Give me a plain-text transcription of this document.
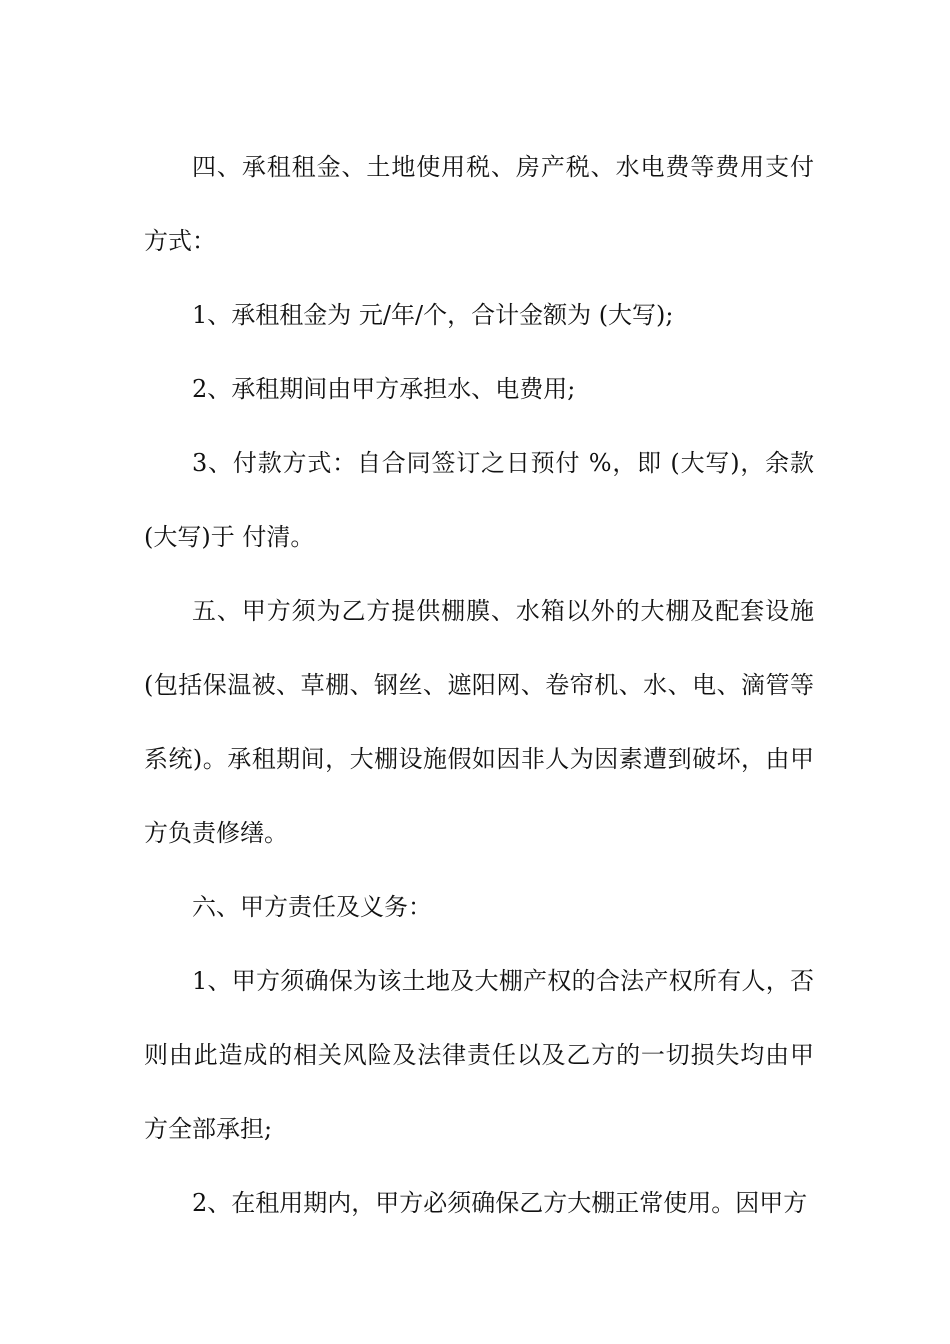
四、承租租金、土地使用税、房产税、水电费等费用支付方式：

1、承租租金为 元/年/个，合计金额为 (大写);

2、承租期间由甲方承担水、电费用;

3、付款方式：自合同签订之日预付 %，即 (大写)，余款(大写)于 付清。

五、甲方须为乙方提供棚膜、水箱以外的大棚及配套设施(包括保温被、草棚、钢丝、遮阳网、卷帘机、水、电、滴管等系统)。承租期间，大棚设施假如因非人为因素遭到破坏，由甲方负责修缮。

六、甲方责任及义务：

1、甲方须确保为该土地及大棚产权的合法产权所有人，否则由此造成的相关风险及法律责任以及乙方的一切损失均由甲方全部承担;

2、在租用期内，甲方必须确保乙方大棚正常使用。因甲方
